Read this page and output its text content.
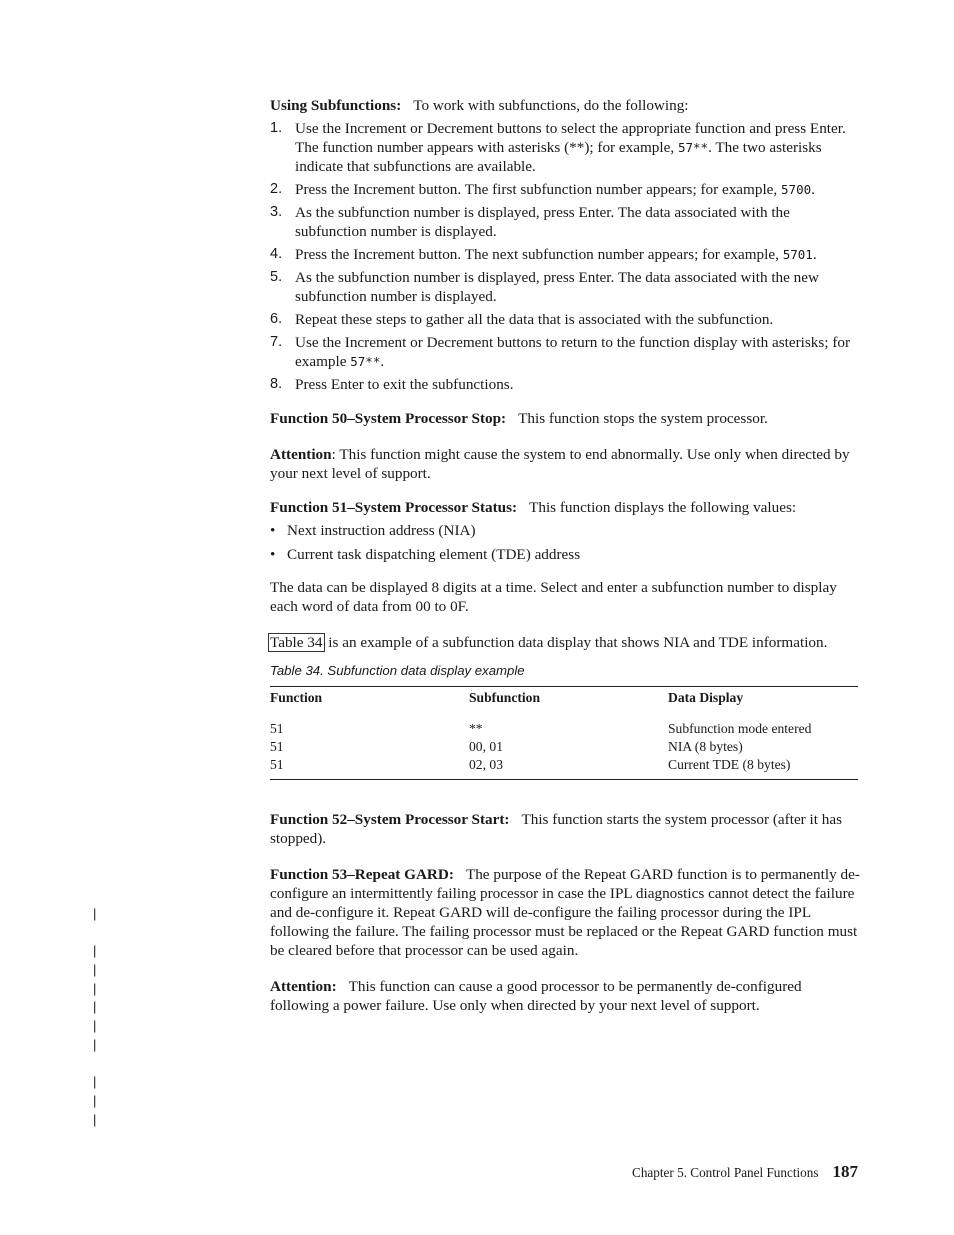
Using Subfunctions: To work with subfunctions, do the following:

1. Use the Increment or Decrement buttons to select the appropriate function and press Enter. The function number appears with asterisks (**); for example, 57**. The two asterisks indicate that subfunctions are available.
2. Press the Increment button. The first subfunction number appears; for example, 5700.
3. As the subfunction number is displayed, press Enter. The data associated with the subfunction number is displayed.
4. Press the Increment button. The next subfunction number appears; for example, 5701.
5. As the subfunction number is displayed, press Enter. The data associated with the new subfunction number is displayed.
6. Repeat these steps to gather all the data that is associated with the subfunction.
7. Use the Increment or Decrement buttons to return to the function display with asterisks; for example 57**.
8. Press Enter to exit the subfunctions.

Function 50–System Processor Stop: This function stops the system processor.

Attention: This function might cause the system to end abnormally. Use only when directed by your next level of support.

Function 51–System Processor Status: This function displays the following values:

• Next instruction address (NIA)
• Current task dispatching element (TDE) address

The data can be displayed 8 digits at a time. Select and enter a subfunction number to display each word of data from 00 to 0F.

Table 34 is an example of a subfunction data display that shows NIA and TDE information.

Table 34. Subfunction data display example
Function	Subfunction	Data Display
51	**	Subfunction mode entered
51	00, 01	NIA (8 bytes)
51	02, 03	Current TDE (8 bytes)

Function 52–System Processor Start: This function starts the system processor (after it has stopped).

Function 53–Repeat GARD: The purpose of the Repeat GARD function is to permanently de-configure an intermittently failing processor in case the IPL diagnostics cannot detect the failure and de-configure it. Repeat GARD will de-configure the failing processor during the IPL following the failure. The failing processor must be replaced or the Repeat GARD function must be cleared before that processor can be used again.

Attention: This function can cause a good processor to be permanently de-configured following a power failure. Use only when directed by your next level of support.

|
|
|
|
|
|
|
|
|
|
Chapter 5. Control Panel Functions 187
